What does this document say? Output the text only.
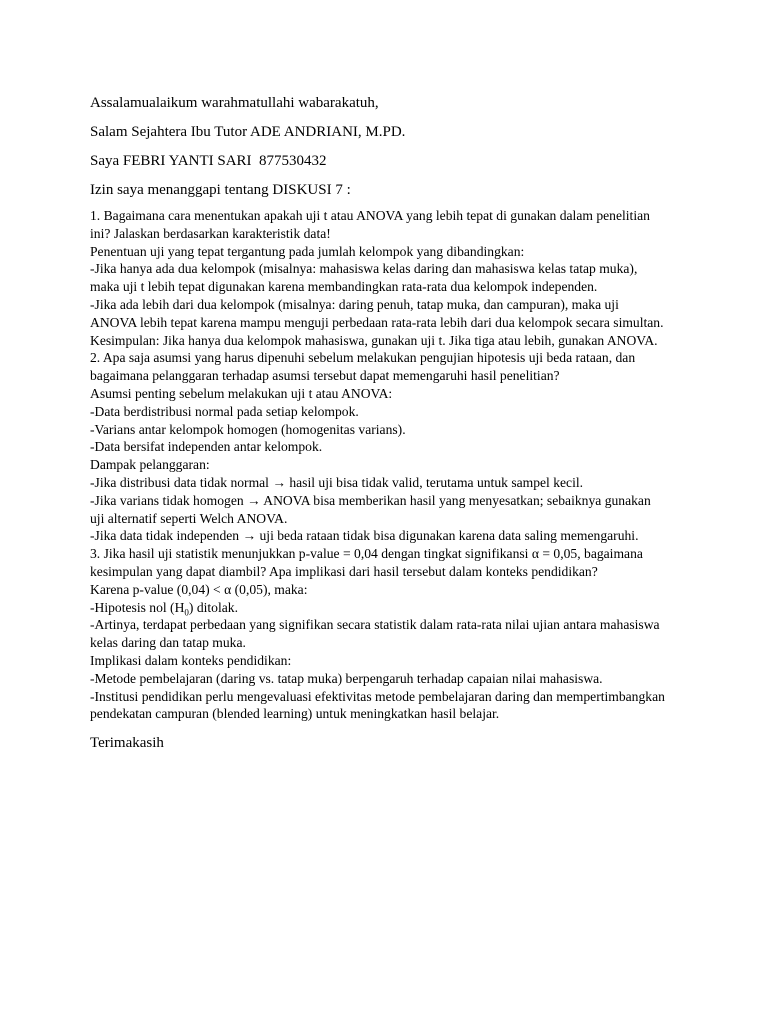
Assalamualaikum warahmatullahi wabarakatuh,

Salam Sejahtera Ibu Tutor ADE ANDRIANI, M.PD.

Saya FEBRI YANTI SARI  877530432

Izin saya menanggapi tentang DISKUSI 7 :

1. Bagaimana cara menentukan apakah uji t atau ANOVA yang lebih tepat di gunakan dalam penelitian
ini? Jalaskan berdasarkan karakteristik data!
Penentuan uji yang tepat tergantung pada jumlah kelompok yang dibandingkan:
-Jika hanya ada dua kelompok (misalnya: mahasiswa kelas daring dan mahasiswa kelas tatap muka),
maka uji t lebih tepat digunakan karena membandingkan rata-rata dua kelompok independen.
-Jika ada lebih dari dua kelompok (misalnya: daring penuh, tatap muka, dan campuran), maka uji
ANOVA lebih tepat karena mampu menguji perbedaan rata-rata lebih dari dua kelompok secara simultan.
Kesimpulan: Jika hanya dua kelompok mahasiswa, gunakan uji t. Jika tiga atau lebih, gunakan ANOVA.
2. Apa saja asumsi yang harus dipenuhi sebelum melakukan pengujian hipotesis uji beda rataan, dan
bagaimana pelanggaran terhadap asumsi tersebut dapat memengaruhi hasil penelitian?
Asumsi penting sebelum melakukan uji t atau ANOVA:
-Data berdistribusi normal pada setiap kelompok.
-Varians antar kelompok homogen (homogenitas varians).
-Data bersifat independen antar kelompok.
Dampak pelanggaran:
-Jika distribusi data tidak normal → hasil uji bisa tidak valid, terutama untuk sampel kecil.
-Jika varians tidak homogen → ANOVA bisa memberikan hasil yang menyesatkan; sebaiknya gunakan
uji alternatif seperti Welch ANOVA.
-Jika data tidak independen → uji beda rataan tidak bisa digunakan karena data saling memengaruhi.
3. Jika hasil uji statistik menunjukkan p-value = 0,04 dengan tingkat signifikansi α = 0,05, bagaimana
kesimpulan yang dapat diambil? Apa implikasi dari hasil tersebut dalam konteks pendidikan?
Karena p-value (0,04) < α (0,05), maka:
-Hipotesis nol $(H_0)$ ditolak.
-Artinya, terdapat perbedaan yang signifikan secara statistik dalam rata-rata nilai ujian antara mahasiswa
kelas daring dan tatap muka.
Implikasi dalam konteks pendidikan:
-Metode pembelajaran (daring vs. tatap muka) berpengaruh terhadap capaian nilai mahasiswa.
-Institusi pendidikan perlu mengevaluasi efektivitas metode pembelajaran daring dan mempertimbangkan
pendekatan campuran (blended learning) untuk meningkatkan hasil belajar.

Terimakasih
